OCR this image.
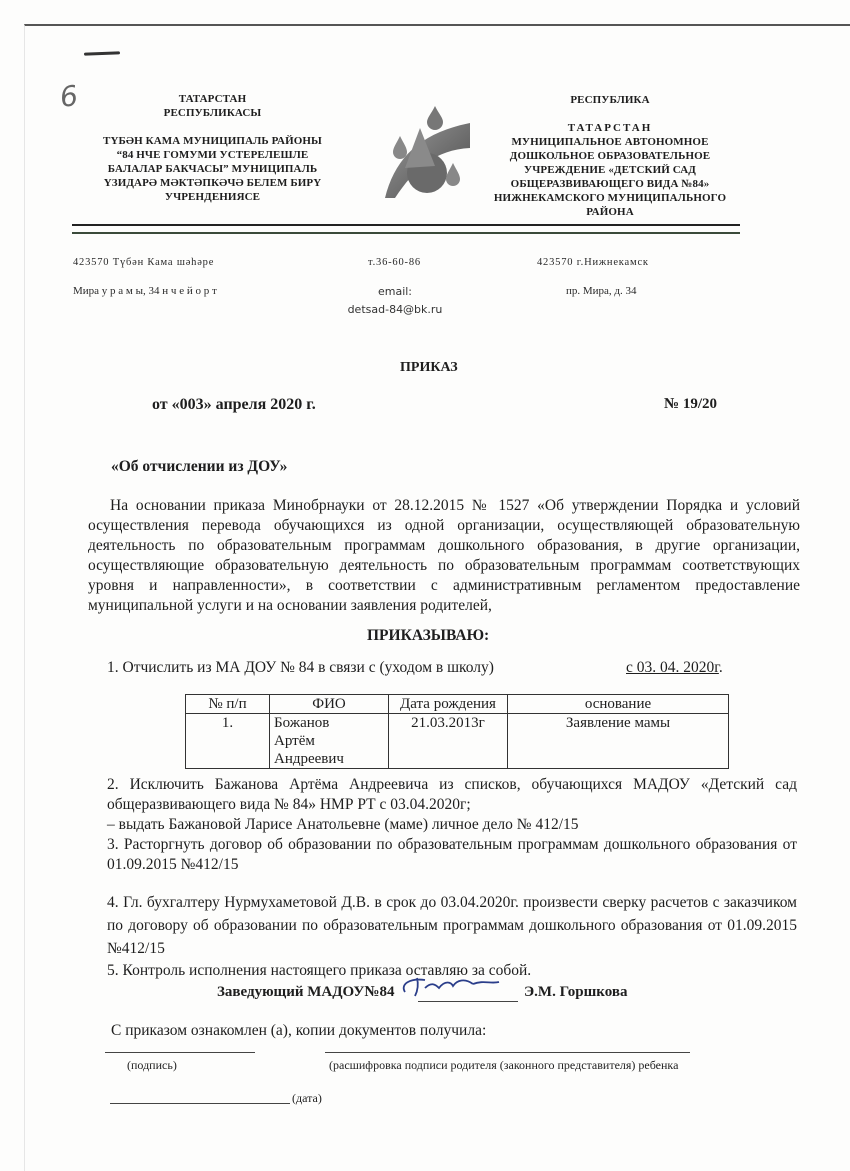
6	ТАТАРСТАН
РЕСПУБЛИКАСЫ
ТҮБӘН КАМА МУНИЦИПАЛЬ РАЙОНЫ
“84 НЧЕ ГОМУМИ УСТЕРЕЛЕШЛЕ
БАЛАЛАР БАКЧАСЫ” МУНИЦИПАЛЬ
ҮЗИДАРӘ МӘКТӘПКӘЧӘ БЕЛЕМ БИРҮ
УЧРЕНДЕНИЯСЕ
РЕСПУБЛИКА
ТАТАРСТАН
МУНИЦИПАЛЬНОЕ АВТОНОМНОЕ
ДОШКОЛЬНОЕ ОБРАЗОВАТЕЛЬНОЕ
УЧРЕЖДЕНИЕ «ДЕТСКИЙ САД
ОБЩЕРАЗВИВАЮЩЕГО ВИДА №84»
НИЖНЕКАМСКОГО МУНИЦИПАЛЬНОГО
РАЙОНА
423570 Түбән Кама шәһәре
Мира у р а м ы, 34 н ч е й о р т
т.36-60-86
email:
detsad-84@bk.ru
423570 г.Нижнекамск
пр. Мира, д. 34
ПРИКАЗ
от «003» апреля 2020 г.	№ 19/20
«Об отчислении из ДОУ»
На основании приказа Минобрнауки от 28.12.2015 № 1527 «Об утверждении Порядка и условий осуществления перевода обучающихся из одной организации, осуществляющей образовательную деятельность по образовательным программам дошкольного образования, в другие организации, осуществляющие образовательную деятельность по образовательным программам соответствующих уровня и направленности», в соответствии с административным регламентом предоставление муниципальной услуги и на основании заявления родителей,
ПРИКАЗЫВАЮ:
1. Отчислить из МА ДОУ № 84 в связи с (уходом в школу)	с 03. 04. 2020г.
№ п/п	ФИО	Дата рождения	основание
1.	Божанов    Артём Андреевич	21.03.2013г	Заявление мамы
2. Исключить Бажанова Артёма Андреевича из списков, обучающихся МАДОУ «Детский сад общеразвивающего вида № 84» НМР РТ с 03.04.2020г;
– выдать Бажановой Ларисе Анатольевне (маме) личное дело № 412/15
3. Расторгнуть договор об образовании по образовательным программам дошкольного образования от 01.09.2015 №412/15
4. Гл. бухгалтеру Нурмухаметовой Д.В. в срок до 03.04.2020г. произвести сверку расчетов с заказчиком по договору об образовании по образовательным программам дошкольного образования от 01.09.2015 №412/15
5. Контроль исполнения настоящего приказа оставляю за собой.
Заведующий МАДОУ№84	Э.М. Горшкова
С приказом ознакомлен (а), копии документов получила:
(подпись)	(расшифровка подписи родителя (законного представителя) ребенка
(дата)
